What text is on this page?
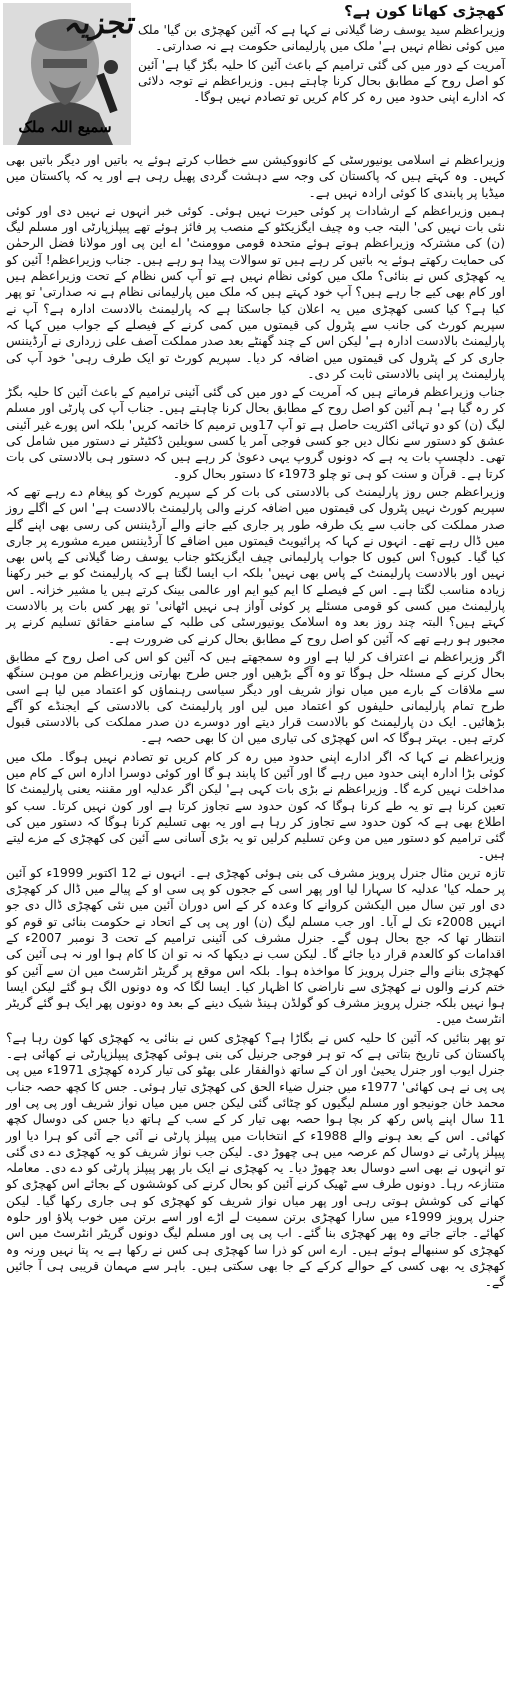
تجزیہ
سمیع اللہ ملک
کھچڑی کھاتا کون ہے؟

وزیراعظم سید یوسف رضا گیلانی نے کہا ہے کہ آئین کھچڑی بن گیا' ملک میں کوئی نظام نہیں ہے' ملک میں پارلیمانی حکومت ہے نہ صدارتی۔

آمریت کے دور میں کی گئی ترامیم کے باعث آئین کا حلیہ بگڑ گیا ہے' آئین کو اصل روح کے مطابق بحال کرنا چاہتے ہیں۔ وزیراعظم نے توجہ دلائی کہ ادارے اپنی حدود میں رہ کر کام کریں تو تصادم نہیں ہوگا۔

وزیراعظم نے اسلامی یونیورسٹی کے کانووکیشن سے خطاب کرتے ہوئے یہ باتیں اور دیگر باتیں بھی کہیں۔ وہ کہتے ہیں کہ پاکستان کی وجہ سے دہشت گردی پھیل رہی ہے اور یہ کہ پاکستان میں میڈیا پر پابندی کا کوئی ارادہ نہیں ہے۔

ہمیں وزیراعظم کے ارشادات پر کوئی حیرت نہیں ہوئی۔ کوئی خبر انہوں نے نہیں دی اور کوئی نئی بات نہیں کی' البتہ جب وہ چیف ایگزیکٹو کے منصب پر فائز ہوئے تھے پیپلزپارٹی اور مسلم لیگ (ن) کی مشترکہ وزیراعظم ہوتے ہوئے متحدہ قومی موومنٹ' اے این پی اور مولانا فضل الرحمٰن کی حمایت رکھتے ہوئے یہ باتیں کر رہے ہیں تو سوالات پیدا ہو رہے ہیں۔ جناب وزیراعظم! آئین کو یہ کھچڑی کس نے بنائی؟ ملک میں کوئی نظام نہیں ہے تو آپ کس نظام کے تحت وزیراعظم ہیں اور کام بھی کیے جا رہے ہیں؟ آپ خود کہتے ہیں کہ ملک میں پارلیمانی نظام ہے نہ صدارتی' تو پھر کیا ہے؟ کیا کسی کھچڑی میں یہ اعلان کیا جاسکتا ہے کہ پارلیمنٹ بالادست ادارہ ہے؟ آپ نے سپریم کورٹ کی جانب سے پٹرول کی قیمتوں میں کمی کرنے کے فیصلے کے جواب میں کہا کہ پارلیمنٹ بالادست ادارہ ہے' لیکن اس کے چند گھنٹے بعد صدر مملکت آصف علی زرداری نے آرڈیننس جاری کر کے پٹرول کی قیمتوں میں اضافہ کر دیا۔ سپریم کورٹ تو ایک طرف رہی' خود آپ کی پارلیمنٹ پر اپنی بالادستی ثابت کر دی۔

جناب وزیراعظم فرماتے ہیں کہ آمریت کے دور میں کی گئی آئینی ترامیم کے باعث آئین کا حلیہ بگڑ کر رہ گیا ہے' ہم آئین کو اصل روح کے مطابق بحال کرنا چاہتے ہیں۔ جناب آپ کی پارٹی اور مسلم لیگ (ن) کو دو تہائی اکثریت حاصل ہے تو آپ 17ویں ترمیم کا خاتمہ کریں' بلکہ اس پورے غیر آئینی عشق کو دستور سے نکال دیں جو کسی فوجی آمر یا کسی سویلین ڈکٹیٹر نے دستور میں شامل کی تھی۔ دلچسپ بات یہ ہے کہ دونوں گروپ یہی دعویٰ کر رہے ہیں کہ دستور ہی بالادستی کی بات کرتا ہے۔ قرآن و سنت کو ہی تو چلو 1973ء کا دستور بحال کرو۔

وزیراعظم جس روز پارلیمنٹ کی بالادستی کی بات کر کے سپریم کورٹ کو پیغام دے رہے تھے کہ سپریم کورٹ نہیں پٹرول کی قیمتوں میں اضافہ کرنے والی پارلیمنٹ بالادست ہے' اس کے اگلے روز صدر مملکت کی جانب سے یک طرفہ طور پر جاری کیے جانے والے آرڈیننس کی رسی بھی اپنے گلے میں ڈال رہے تھے۔ انہوں نے کہا کہ پرائیویٹ قیمتوں میں اضافے کا آرڈیننس میرے مشورے پر جاری کیا گیا۔ کیوں؟ اس کیوں کا جواب پارلیمانی چیف ایگزیکٹو جناب یوسف رضا گیلانی کے پاس بھی نہیں اور بالادست پارلیمنٹ کے پاس بھی نہیں' بلکہ اب ایسا لگتا ہے کہ پارلیمنٹ کو بے خبر رکھنا زیادہ مناسب لگتا ہے۔ اس کے فیصلے کا ایم کیو ایم اور عالمی بینک کرتے ہیں یا مشیر خزانہ۔ اس پارلیمنٹ میں کسی کو قومی مسئلے پر کوئی آواز ہی نہیں اٹھانی' تو پھر کس بات پر بالادست کہتے ہیں؟ البتہ چند روز بعد وہ اسلامک یونیورسٹی کی طلبہ کے سامنے حقائق تسلیم کرنے پر مجبور ہو رہے تھے کہ آئین کو اصل روح کے مطابق بحال کرنے کی ضرورت ہے۔

اگر وزیراعظم نے اعتراف کر لیا ہے اور وہ سمجھتے ہیں کہ آئین کو اس کی اصل روح کے مطابق بحال کرنے کے مسئلہ حل ہوگا تو وہ آگے بڑھیں اور جس طرح بھارتی وزیراعظم من موہن سنگھ سے ملاقات کے بارے میں میاں نواز شریف اور دیگر سیاسی رہنماؤں کو اعتماد میں لیا ہے اسی طرح تمام پارلیمانی حلیفوں کو اعتماد میں لیں اور پارلیمنٹ کی بالادستی کے ایجنڈے کو آگے بڑھائیں۔ ایک دن پارلیمنٹ کو بالادست قرار دیتے اور دوسرے دن صدر مملکت کی بالادستی قبول کرتے ہیں۔ بہتر ہوگا کہ اس کھچڑی کی تیاری میں ان کا بھی حصہ ہے۔

وزیراعظم نے کہا کہ اگر ادارے اپنی حدود میں رہ کر کام کریں تو تصادم نہیں ہوگا۔ ملک میں کوئی بڑا ادارہ اپنی حدود میں رہے گا اور آئین کا پابند ہو گا اور کوئی دوسرا ادارہ اس کے کام میں مداخلت نہیں کرے گا۔ وزیراعظم نے بڑی بات کہی ہے' لیکن اگر عدلیہ اور مقننہ یعنی پارلیمنٹ کا تعین کرنا ہے تو یہ طے کرنا ہوگا کہ کون حدود سے تجاوز کرتا ہے اور کون نہیں کرتا۔ سب کو اطلاع بھی ہے کہ کون حدود سے تجاوز کر رہا ہے اور یہ بھی تسلیم کرنا ہوگا کہ دستور میں کی گئی ترامیم کو دستور میں من وعن تسلیم کرلیں تو یہ بڑی آسانی سے آئین کی کھچڑی کے مزے لیتے ہیں۔

تازہ ترین مثال جنرل پرویز مشرف کی بنی ہوئی کھچڑی ہے۔ انہوں نے 12 اکتوبر 1999ء کو آئین پر حملہ کیا' عدلیہ کا سہارا لیا اور پھر اسی کے ججوں کو پی سی او کے پیالے میں ڈال کر کھچڑی دی اور تین سال میں الیکشن کروانے کا وعدہ کر کے اس دوران آئین میں نئی کھچڑی ڈال دی جو انہیں 2008ء تک لے آیا۔ اور جب مسلم لیگ (ن) اور پی پی کے اتحاد نے حکومت بنائی تو قوم کو انتظار تھا کہ جج بحال ہوں گے۔ جنرل مشرف کی آئینی ترامیم کے تحت 3 نومبر 2007ء کے اقدامات کو کالعدم قرار دیا جائے گا۔ لیکن سب نے دیکھا کہ نہ تو ان کا کام ہوا اور نہ ہی آئین کی کھچڑی بنانے والے جنرل پرویز کا مواخذہ ہوا۔ بلکہ اس موقع پر گریٹر انٹرسٹ میں ان سے آئین کو ختم کرنے والوں نے کھچڑی سے ناراضی کا اظہار کیا۔ ایسا لگا کہ وہ دونوں الگ ہو گئے لیکن ایسا ہوا نہیں بلکہ جنرل پرویز مشرف کو گولڈن ہینڈ شیک دینے کے بعد وہ دونوں پھر ایک ہو گئے گریٹر انٹرسٹ میں۔

تو پھر بتائیں کہ آئین کا حلیہ کس نے بگاڑا ہے؟ کھچڑی کس نے بنائی یہ کھچڑی کھا کون رہا ہے؟ پاکستان کی تاریخ بتاتی ہے کہ تو ہر فوجی جرنیل کی بنی ہوئی کھچڑی پیپلزپارٹی نے کھائی ہے۔ جنرل ایوب اور جنرل یحییٰ اور ان کے ساتھ ذوالفقار علی بھٹو کی تیار کردہ کھچڑی 1971ء میں پی پی پی نے ہی کھائی' 1977ء میں جنرل ضیاء الحق کی کھچڑی تیار ہوئی۔ جس کا کچھ حصہ جناب محمد خان جونیجو اور مسلم لیگیوں کو چٹائی گئی لیکن جس میں میاں نواز شریف اور پی پی اور 11 سال اپنے پاس رکھ کر بچا ہوا حصہ بھی تیار کر کے سب کے ہاتھ دیا جس کی دوسال کچھ کھائی۔ اس کے بعد ہونے والے 1988ء کے انتخابات میں پیپلز پارٹی نے آئی جے آئی کو ہرا دیا اور پیپلز پارٹی نے دوسال کم عرصہ میں ہی چھوڑ دی۔ لیکن جب نواز شریف کو یہ کھچڑی دے دی گئی تو انہوں نے بھی اسے دوسال بعد چھوڑ دیا۔ یہ کھچڑی نے ایک بار پھر پیپلز پارٹی کو دے دی۔ معاملہ متنازعہ رہا۔ دونوں طرف سے ٹھیک کرنے آئین کو بحال کرنے کی کوششوں کے بجائے اس کھچڑی کو کھانے کی کوشش ہوتی رہی اور پھر میاں نواز شریف کو کھچڑی کو ہی جاری رکھا گیا۔ لیکن جنرل پرویز 1999ء میں سارا کھچڑی برتن سمیت لے اڑے اور اسے برتن میں خوب پلاؤ اور حلوہ کھائے۔ جاتے جاتے وہ پھر کھچڑی بنا گئے۔ اب پی پی اور مسلم لیگ دونوں گریٹر انٹرسٹ میں اس کھچڑی کو سنبھالے ہوئے ہیں۔ ارے اس کو ذرا سا کھچڑی ہی کس نے رکھا ہے یہ پتا نہیں ورنہ وہ کھچڑی یہ بھی کسی کے حوالے کرکے کے جا بھی سکتی ہیں۔ باہر سے مہمان قریبی ہی آ جائیں گے۔
